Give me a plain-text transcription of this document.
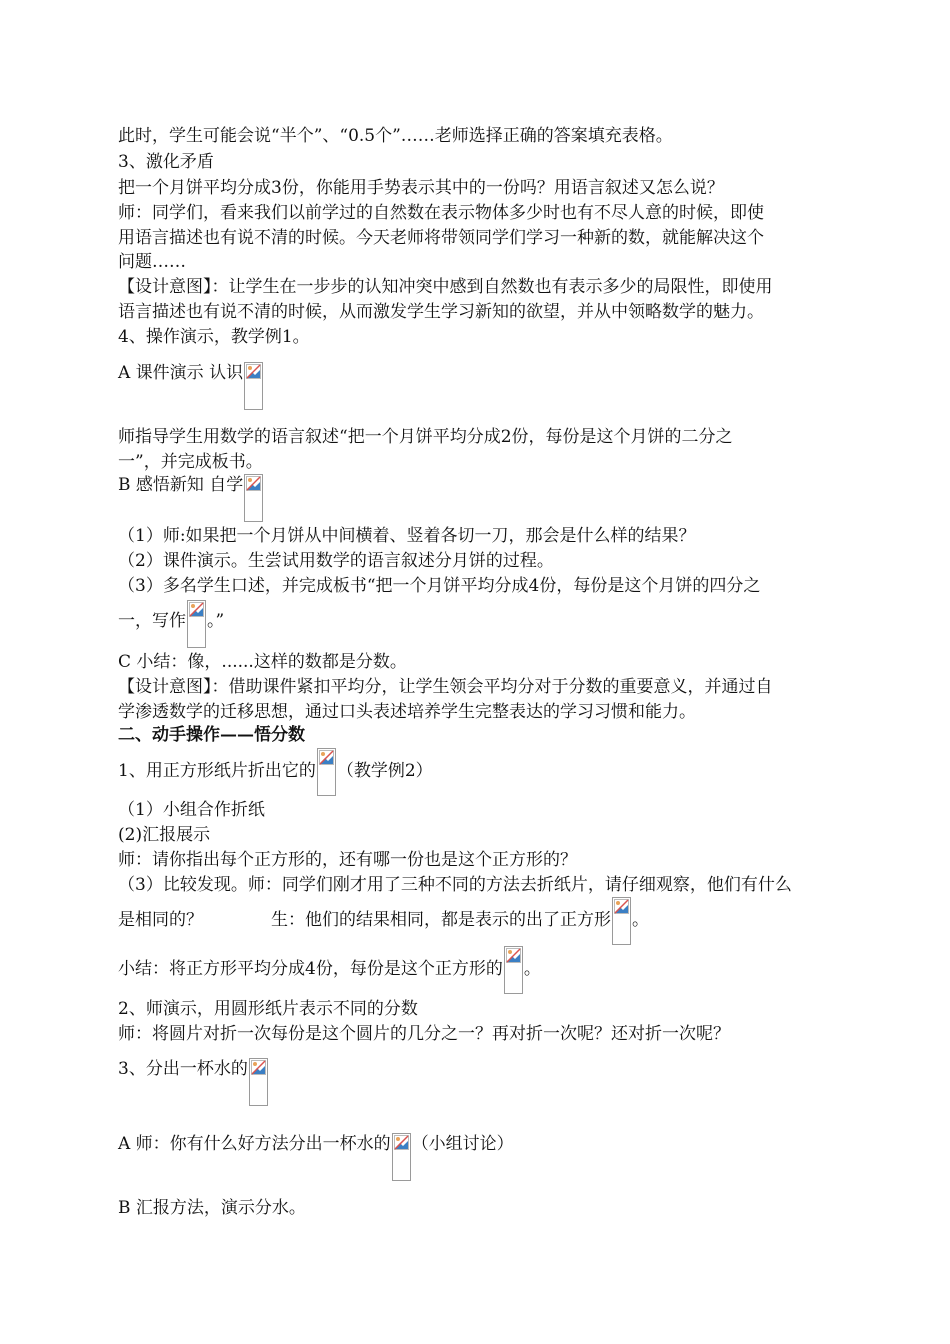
此时，学生可能会说“半个”、“0.5个”……老师选择正确的答案填充表格。
3、激化矛盾
把一个月饼平均分成3份，你能用手势表示其中的一份吗？用语言叙述又怎么说？
师：同学们，看来我们以前学过的自然数在表示物体多少时也有不尽人意的时候，即使
用语言描述也有说不清的时候。今天老师将带领同学们学习一种新的数，就能解决这个
问题……
【设计意图】：让学生在一步步的认知冲突中感到自然数也有表示多少的局限性，即使用
语言描述也有说不清的时候，从而激发学生学习新知的欲望，并从中领略数学的魅力。
4、操作演示，教学例1。
A 课件演示 认识
师指导学生用数学的语言叙述“把一个月饼平均分成2份，每份是这个月饼的二分之
一”，并完成板书。
B 感悟新知 自学
（1）师:如果把一个月饼从中间横着、竖着各切一刀，那会是什么样的结果？
（2）课件演示。生尝试用数学的语言叙述分月饼的过程。
（3）多名学生口述，并完成板书“把一个月饼平均分成4份，每份是这个月饼的四分之
一，写作 。”
C 小结：像，......这样的数都是分数。
【设计意图】：借助课件紧扣平均分，让学生领会平均分对于分数的重要意义，并通过自
学渗透数学的迁移思想，通过口头表述培养学生完整表达的学习习惯和能力。
二、动手操作——悟分数
1、用正方形纸片折出它的 （教学例2）
（1）小组合作折纸
(2)汇报展示
师：请你指出每个正方形的，还有哪一份也是这个正方形的？
（3）比较发现。师：同学们刚才用了三种不同的方法去折纸片，请仔细观察，他们有什么
是相同的？	生：他们的结果相同，都是表示的出了正方形 。
小结：将正方形平均分成4份，每份是这个正方形的 。
2、师演示，用圆形纸片表示不同的分数
师：将圆片对折一次每份是这个圆片的几分之一？再对折一次呢？还对折一次呢？
3、分出一杯水的
A 师：你有什么好方法分出一杯水的 （小组讨论）
B 汇报方法，演示分水。
